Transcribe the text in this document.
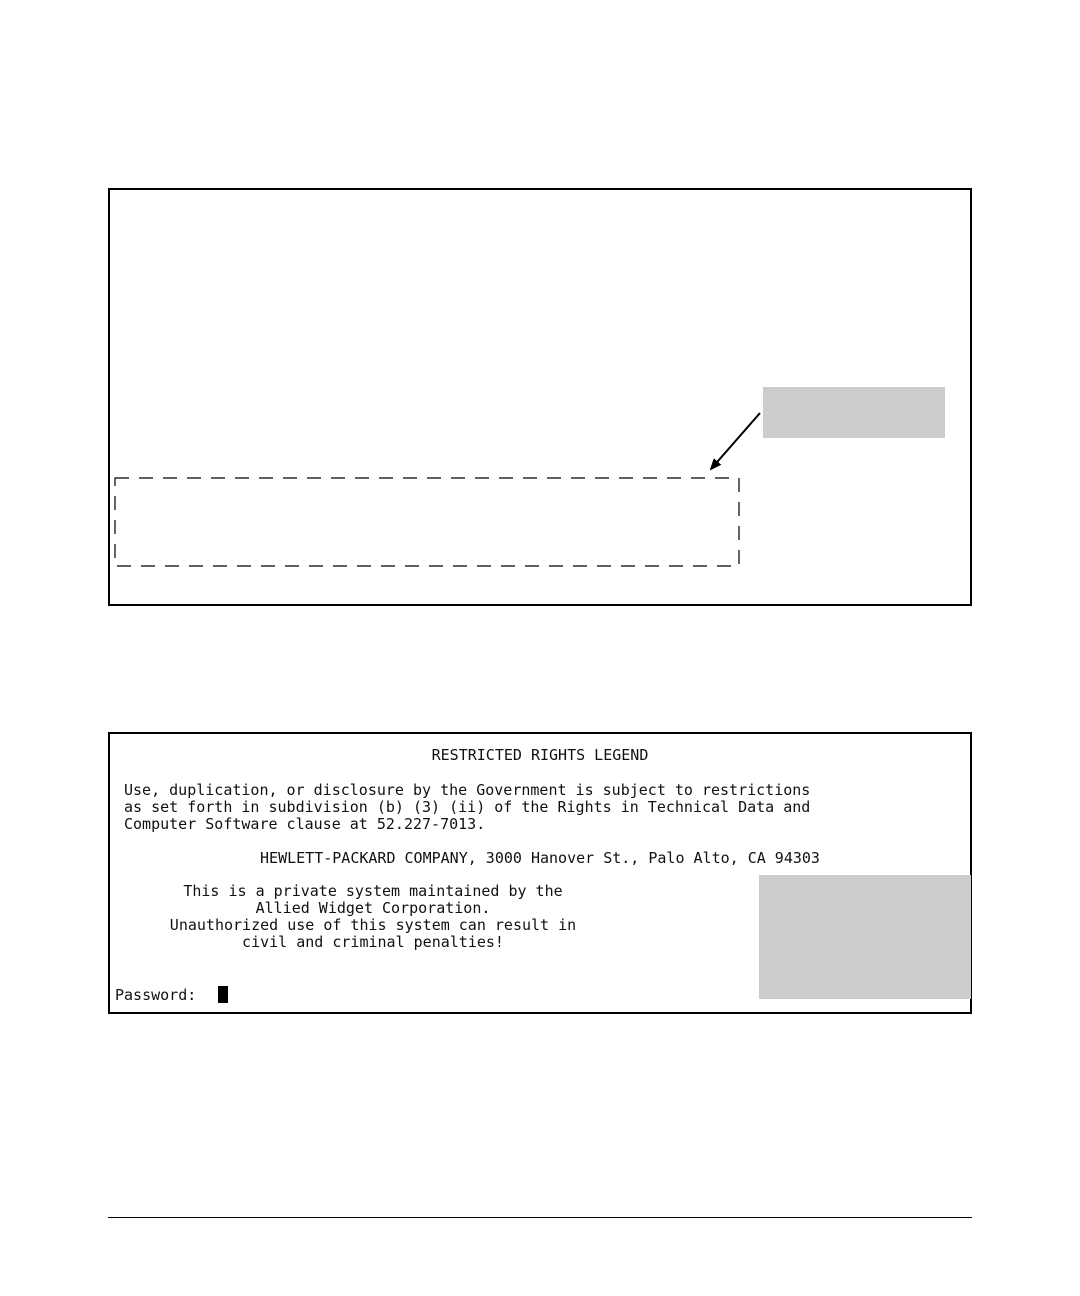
RESTRICTED RIGHTS LEGEND
Use, duplication, or disclosure by the Government is subject to restrictions
as set forth in subdivision (b) (3) (ii) of the Rights in Technical Data and
Computer Software clause at 52.227-7013.
HEWLETT-PACKARD COMPANY, 3000 Hanover St., Palo Alto, CA 94303
This is a private system maintained by the
Allied Widget Corporation.
Unauthorized use of this system can result in
civil and criminal penalties!
Password:
